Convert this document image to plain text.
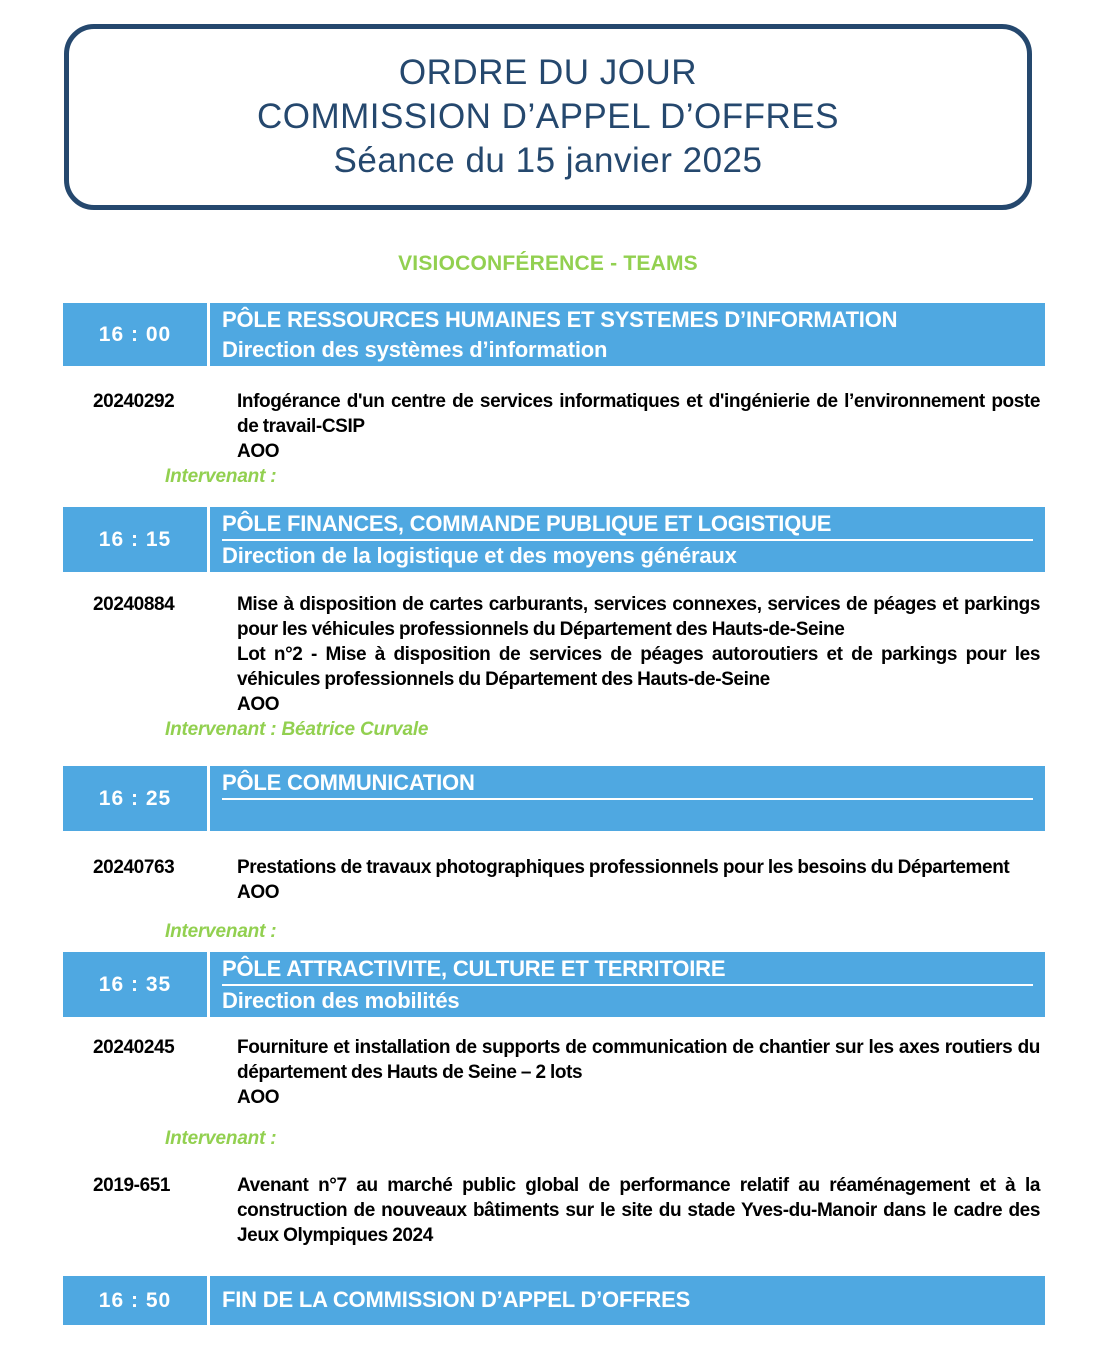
ORDRE DU JOUR
COMMISSION D’APPEL D’OFFRES
Séance du 15 janvier 2025
VISIOCONFÉRENCE - TEAMS
16 : 00
PÔLE RESSOURCES HUMAINES ET SYSTEMES D’INFORMATION
Direction des systèmes d’information
20240292	Infogérance d'un centre de services informatiques et d'ingénierie de l’environnement poste de travail-CSIP

AOO

Intervenant :
16 : 15
PÔLE FINANCES, COMMANDE PUBLIQUE ET LOGISTIQUE
Direction de la logistique et des moyens généraux
20240884	Mise à disposition de cartes carburants, services connexes, services de péages et parkings pour les véhicules professionnels du Département des Hauts-de-Seine

Lot n°2 - Mise à disposition de services de péages autoroutiers et de parkings pour les véhicules professionnels du Département des Hauts-de-Seine

AOO

Intervenant : Béatrice Curvale
16 : 25
PÔLE COMMUNICATION
20240763	Prestations de travaux photographiques professionnels pour les besoins du Département

AOO

Intervenant :
16 : 35
PÔLE ATTRACTIVITE, CULTURE ET TERRITOIRE
Direction des mobilités
20240245	Fourniture et installation de supports de communication de chantier sur les axes routiers du département des Hauts de Seine – 2 lots

AOO

Intervenant :
2019-651	Avenant n°7 au marché public global de performance relatif au réaménagement et à la construction de nouveaux bâtiments sur le site du stade Yves-du-Manoir dans le cadre des Jeux Olympiques 2024

16 : 50	FIN DE LA COMMISSION D’APPEL D’OFFRES
